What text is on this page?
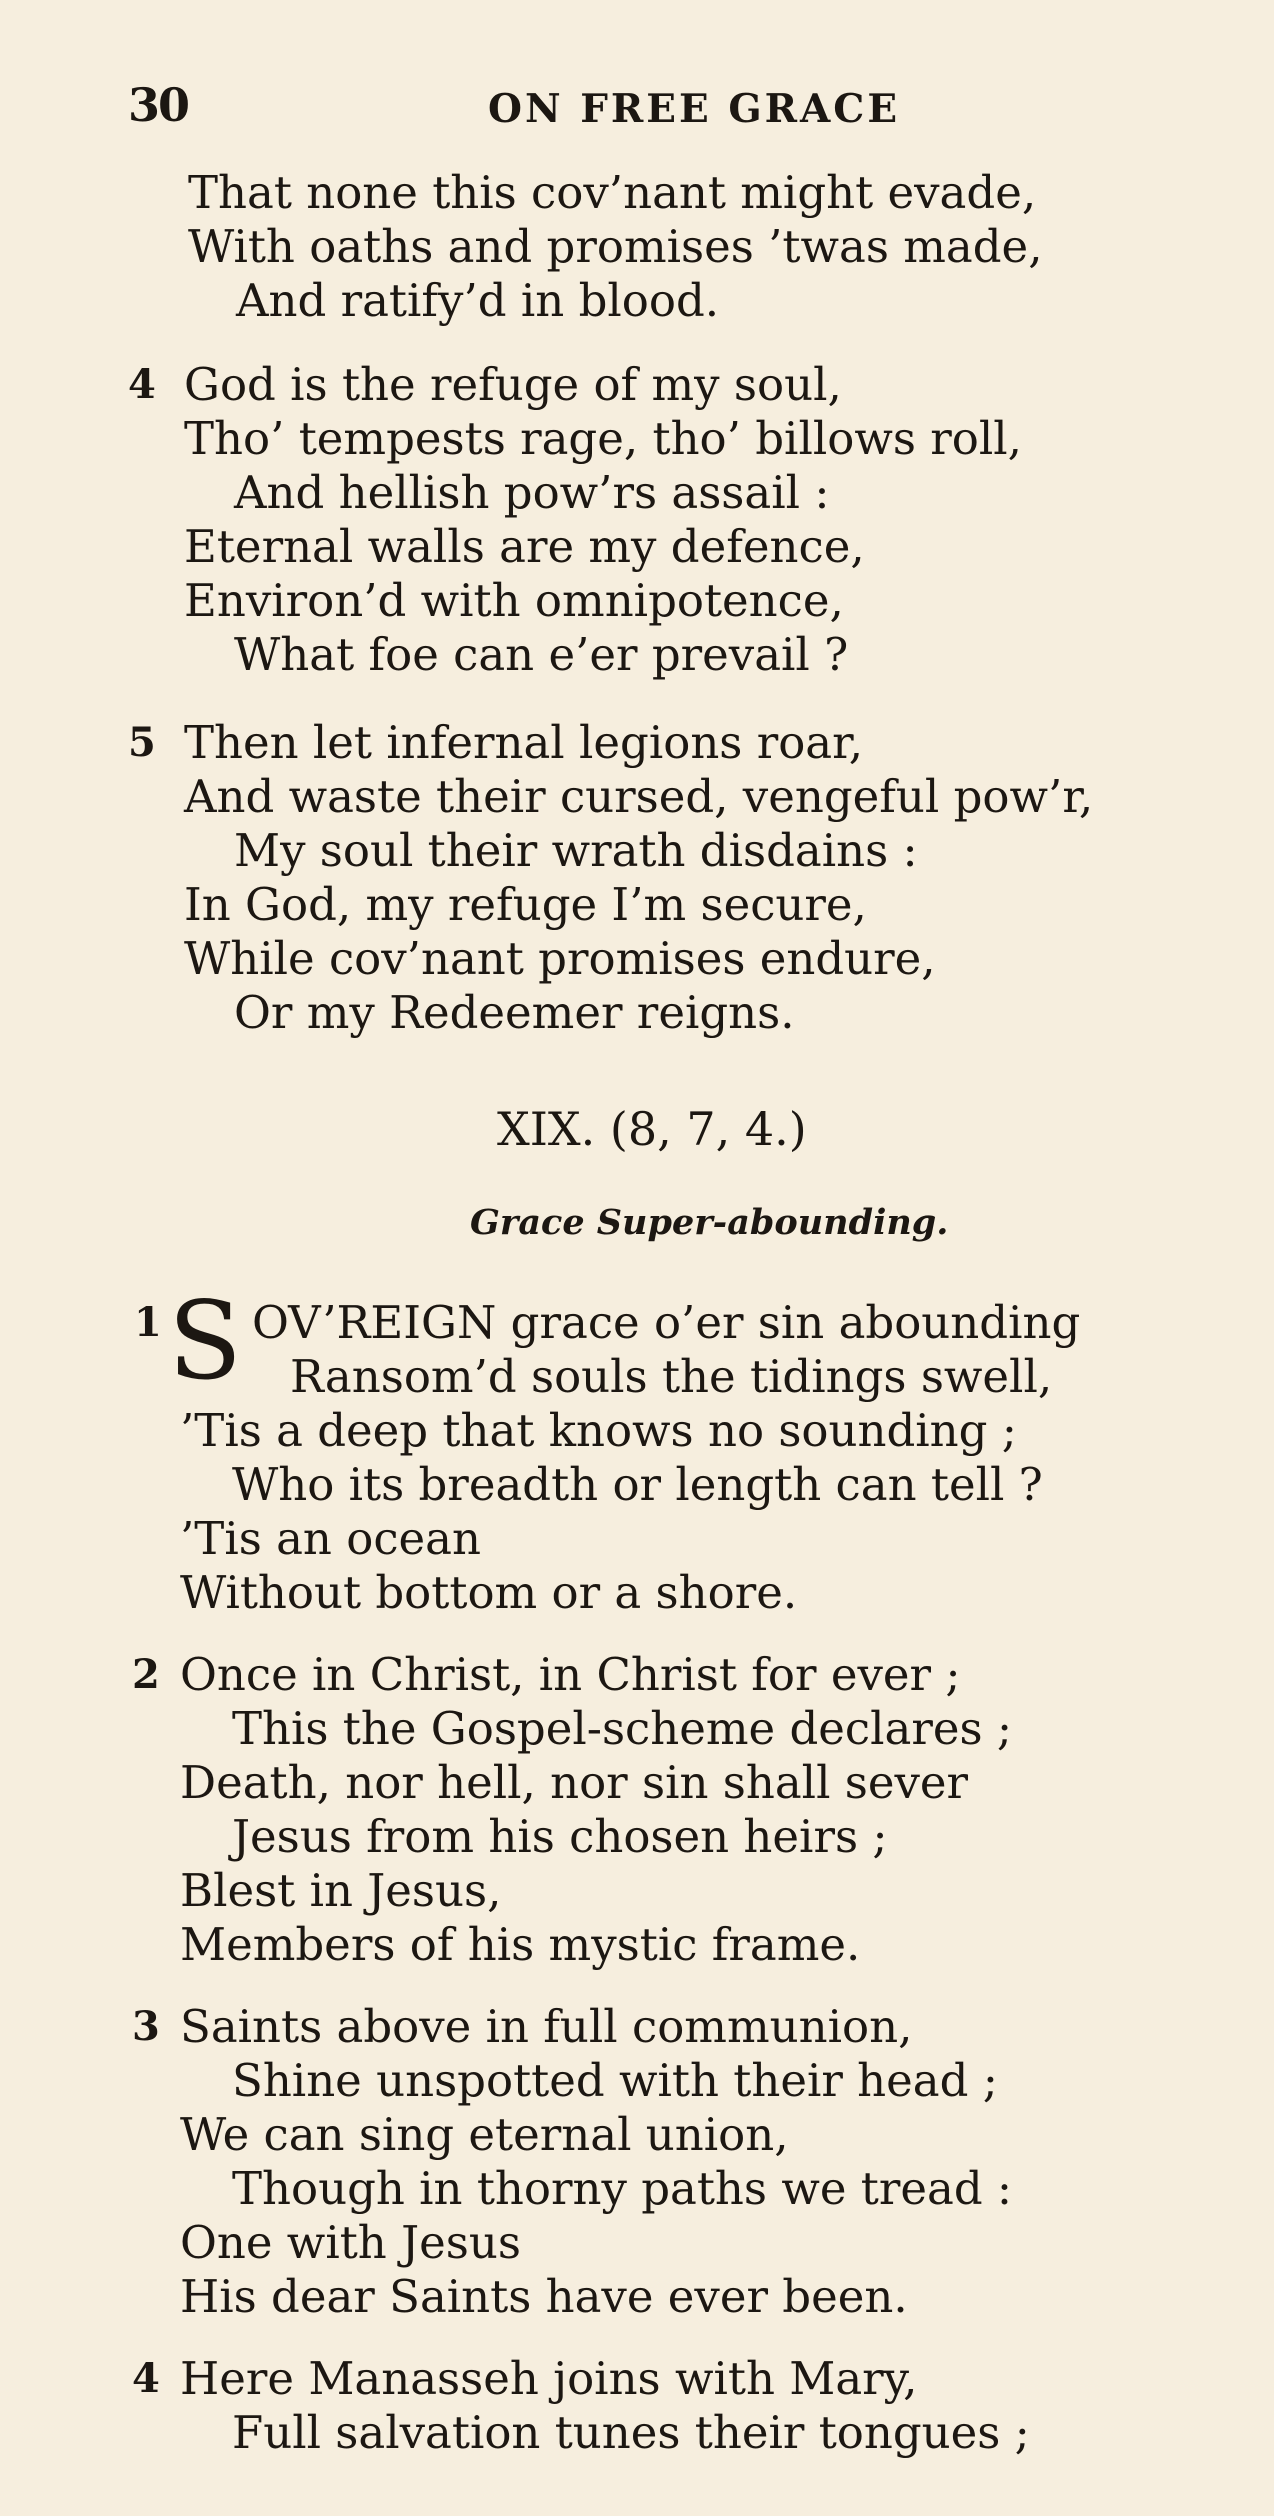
30	ON FREE GRACE
That none this cov’nant might evade,
With oaths and promises ’twas made,
And ratify’d in blood.
4 God is the refuge of my soul,
Tho’ tempests rage, tho’ billows roll,
And hellish pow’rs assail :
Eternal walls are my defence,
Environ’d with omnipotence,
What foe can e’er prevail ?
5 Then let infernal legions roar,
And waste their cursed, vengeful pow’r,
My soul their wrath disdains :
In God, my refuge I’m secure,
While cov’nant promises endure,
Or my Redeemer reigns.
XIX. (8, 7, 4.)
Grace Super-abounding.
1 S OV’REIGN grace o’er sin abounding
Ransom’d souls the tidings swell,
’Tis a deep that knows no sounding ;
Who its breadth or length can tell ?
’Tis an ocean
Without bottom or a shore.
2 Once in Christ, in Christ for ever ;
This the Gospel-scheme declares ;
Death, nor hell, nor sin shall sever
Jesus from his chosen heirs ;
Blest in Jesus,
Members of his mystic frame.
3 Saints above in full communion,
Shine unspotted with their head ;
We can sing eternal union,
Though in thorny paths we tread :
One with Jesus
His dear Saints have ever been.
4 Here Manasseh joins with Mary,
Full salvation tunes their tongues ;
